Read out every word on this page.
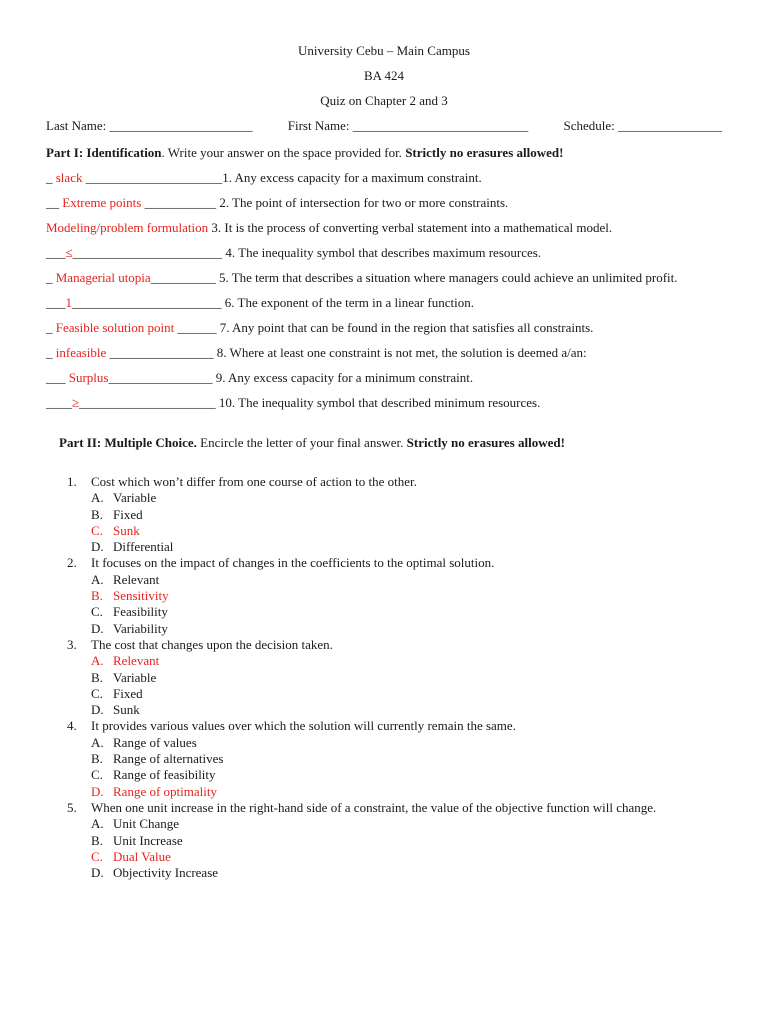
University Cebu – Main Campus
BA 424
Quiz on Chapter 2 and 3
Last Name: ______________________	First Name: ___________________________	Schedule: ________________
Part I: Identification. Write your answer on the space provided for. Strictly no erasures allowed!
_ slack _____________________1. Any excess capacity for a maximum constraint.
__ Extreme points ___________ 2. The point of intersection for two or more constraints.
Modeling/problem formulation 3. It is the process of converting verbal statement into a mathematical model.
___≤_______________________ 4. The inequality symbol that describes maximum resources.
_ Managerial utopia__________ 5. The term that describes a situation where managers could achieve an unlimited profit.
___1_______________________ 6. The exponent of the term in a linear function.
_ Feasible solution point ______ 7. Any point that can be found in the region that satisfies all constraints.
_ infeasible ________________ 8. Where at least one constraint is not met, the solution is deemed a/an:
___ Surplus________________ 9. Any excess capacity for a minimum constraint.
____≥_____________________ 10. The inequality symbol that described minimum resources.

Part II: Multiple Choice. Encircle the letter of your final answer. Strictly no erasures allowed!

1. Cost which won’t differ from one course of action to the other.
A. Variable
B. Fixed
C. Sunk
D. Differential
2. It focuses on the impact of changes in the coefficients to the optimal solution.
A. Relevant
B. Sensitivity
C. Feasibility
D. Variability
3. The cost that changes upon the decision taken.
A. Relevant
B. Variable
C. Fixed
D. Sunk
4. It provides various values over which the solution will currently remain the same.
A. Range of values
B. Range of alternatives
C. Range of feasibility
D. Range of optimality
5. When one unit increase in the right-hand side of a constraint, the value of the objective function will change.
A. Unit Change
B. Unit Increase
C. Dual Value
D. Objectivity Increase
